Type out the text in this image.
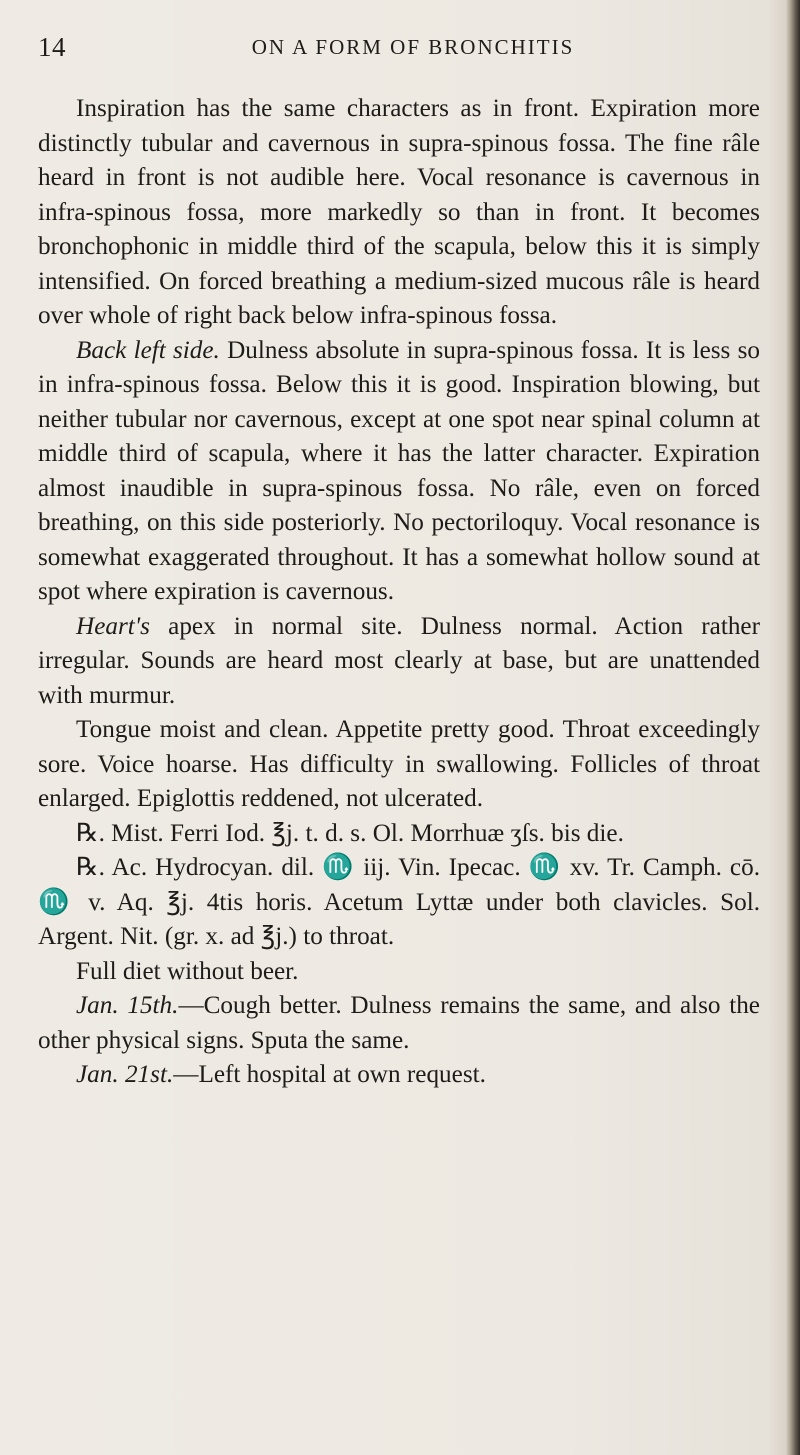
14	ON A FORM OF BRONCHITIS

Inspiration has the same characters as in front. Expiration more distinctly tubular and cavernous in supra-spinous fossa. The fine râle heard in front is not audible here. Vocal resonance is cavernous in infra-spinous fossa, more markedly so than in front. It becomes bronchophonic in middle third of the scapula, below this it is simply intensified. On forced breathing a medium-sized mucous râle is heard over whole of right back below infra-spinous fossa.

Back left side. Dulness absolute in supra-spinous fossa. It is less so in infra-spinous fossa. Below this it is good. Inspiration blowing, but neither tubular nor cavernous, except at one spot near spinal column at middle third of scapula, where it has the latter character. Expiration almost inaudible in supra-spinous fossa. No râle, even on forced breathing, on this side posteriorly. No pectoriloquy. Vocal resonance is somewhat exaggerated throughout. It has a somewhat hollow sound at spot where expiration is cavernous.

Heart's apex in normal site. Dulness normal. Action rather irregular. Sounds are heard most clearly at base, but are unattended with murmur.

Tongue moist and clean. Appetite pretty good. Throat exceedingly sore. Voice hoarse. Has difficulty in swallowing. Follicles of throat enlarged. Epiglottis reddened, not ulcerated.

℞. Mist. Ferri Iod. ℥j. t. d. s. Ol. Morrhuæ ʒſs. bis die.

℞. Ac. Hydrocyan. dil. ♏ iij. Vin. Ipecac. ♏ xv. Tr. Camph. cō. ♏ v. Aq. ℥j. 4tis horis. Acetum Lyttæ under both clavicles. Sol. Argent. Nit. (gr. x. ad ℥j.) to throat.

Full diet without beer.

Jan. 15th.—Cough better. Dulness remains the same, and also the other physical signs. Sputa the same.

Jan. 21st.—Left hospital at own request.
